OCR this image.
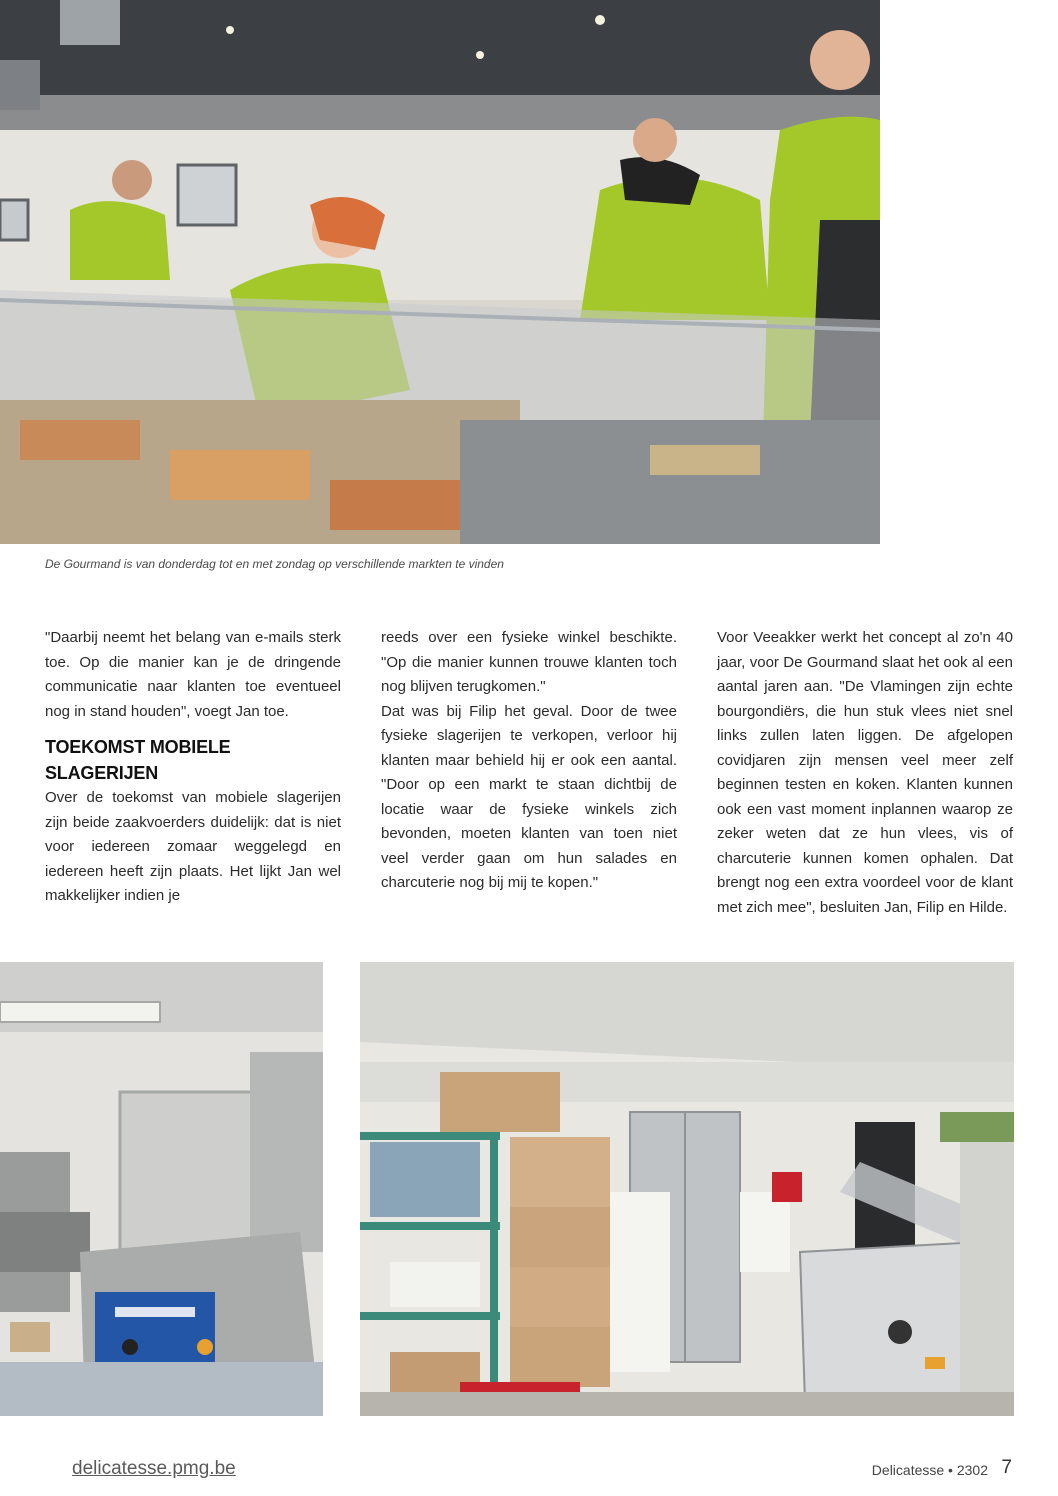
De Gourmand is van donderdag tot en met zondag op verschillende markten te vinden

"Daarbij neemt het belang van e-mails sterk toe. Op die manier kan je de dringende communicatie naar klanten toe eventueel nog in stand houden", voegt Jan toe.

TOEKOMST MOBIELE SLAGERIJEN

Over de toekomst van mobiele slagerijen zijn beide zaakvoerders duidelijk: dat is niet voor iedereen zomaar weggelegd en iedereen heeft zijn plaats. Het lijkt Jan wel makkelijker indien je

reeds over een fysieke winkel beschikte. "Op die manier kunnen trouwe klanten toch nog blijven terugkomen."

Dat was bij Filip het geval. Door de twee fysieke slagerijen te verkopen, verloor hij klanten maar behield hij er ook een aantal. "Door op een markt te staan dichtbij de locatie waar de fysieke winkels zich bevonden, moeten klanten van toen niet veel verder gaan om hun salades en charcuterie nog bij mij te kopen."

Voor Veeakker werkt het concept al zo'n 40 jaar, voor De Gourmand slaat het ook al een aantal jaren aan. "De Vlamingen zijn echte bourgondiërs, die hun stuk vlees niet snel links zullen laten liggen. De afgelopen covidjaren zijn mensen veel meer zelf beginnen testen en koken. Klanten kunnen ook een vast moment inplannen waarop ze zeker weten dat ze hun vlees, vis of charcuterie kunnen komen ophalen. Dat brengt nog een extra voordeel voor de klant met zich mee", besluiten Jan, Filip en Hilde.

delicatesse.pmg.be	Delicatesse • 2302 7
